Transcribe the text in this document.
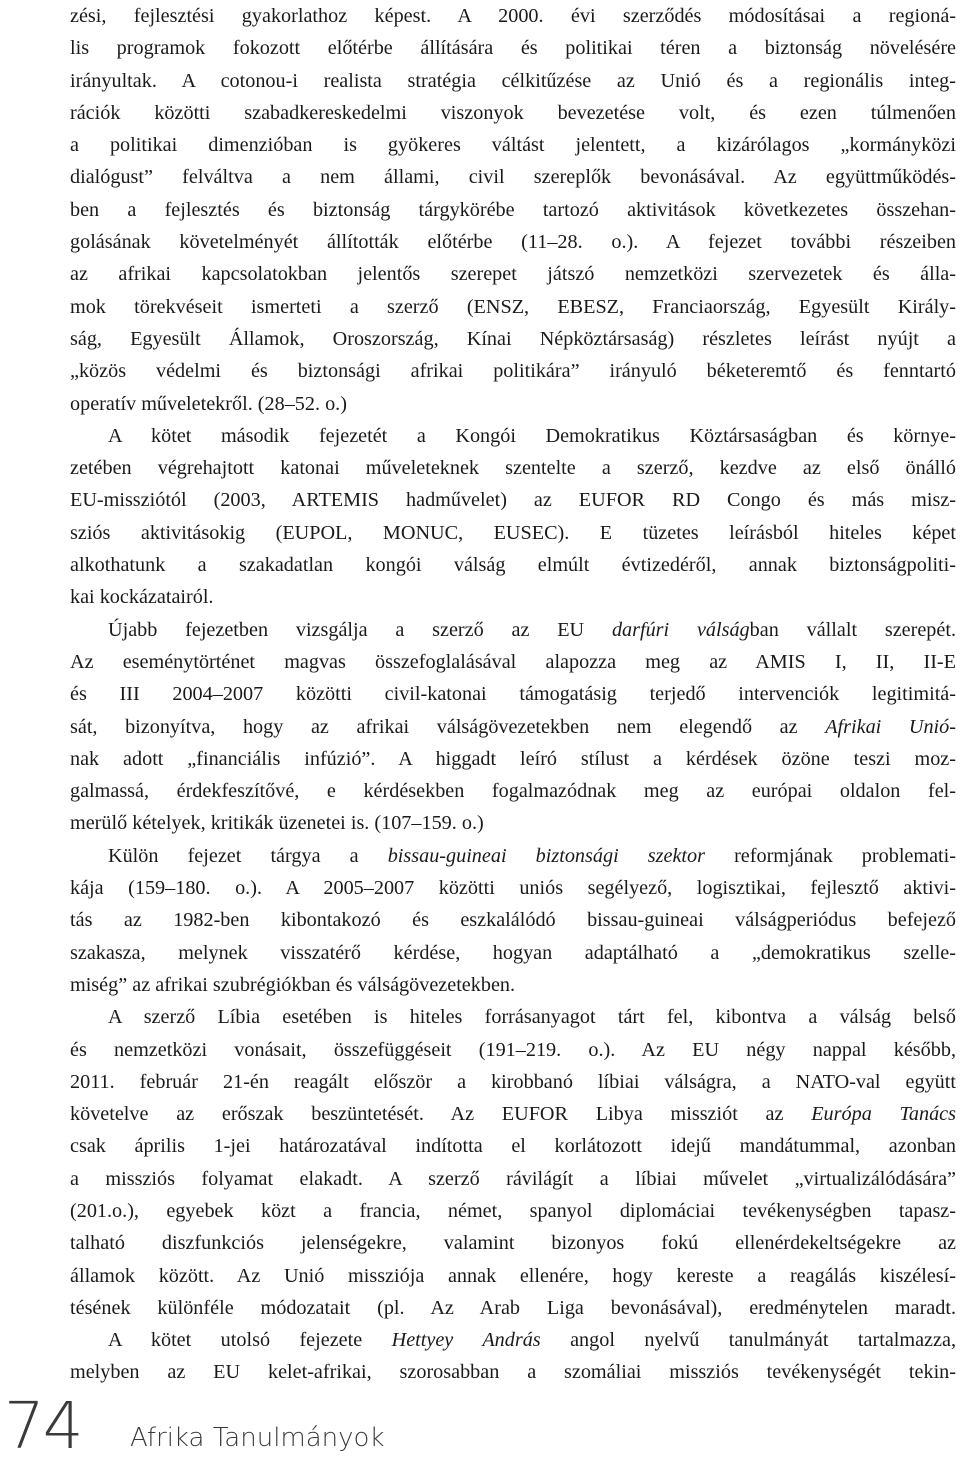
zési, fejlesztési gyakorlathoz képest. A 2000. évi szerződés módosításai a regioná-
lis programok fokozott előtérbe állítására és politikai téren a biztonság növelésére
irányultak. A cotonou-i realista stratégia célkitűzése az Unió és a regionális integ-
rációk közötti szabadkereskedelmi viszonyok bevezetése volt, és ezen túlmenően
a politikai dimenzióban is gyökeres váltást jelentett, a kizárólagos „kormányközi
dialógust” felváltva a nem állami, civil szereplők bevonásával. Az együttműködés-
ben a fejlesztés és biztonság tárgykörébe tartozó aktivitások következetes összehan-
golásának követelményét állították előtérbe (11–28. o.). A fejezet további részeiben
az afrikai kapcsolatokban jelentős szerepet játszó nemzetközi szervezetek és álla-
mok törekvéseit ismerteti a szerző (ENSZ, EBESZ, Franciaország, Egyesült Király-
ság, Egyesült Államok, Oroszország, Kínai Népköztársaság) részletes leírást nyújt a
„közös védelmi és biztonsági afrikai politikára” irányuló béketeremtő és fenntartó
operatív műveletekről. (28–52. o.)
A kötet második fejezetét a Kongói Demokratikus Köztársaságban és környe-
zetében végrehajtott katonai műveleteknek szentelte a szerző, kezdve az első önálló
EU-missziótól (2003, ARTEMIS hadművelet) az EUFOR RD Congo és más misz-
sziós aktivitásokig (EUPOL, MONUC, EUSEC). E tüzetes leírásból hiteles képet
alkothatunk a szakadatlan kongói válság elmúlt évtizedéről, annak biztonságpoliti-
kai kockázatairól.
Újabb fejezetben vizsgálja a szerző az EU darfúri válságban vállalt szerepét.
Az eseménytörténet magvas összefoglalásával alapozza meg az AMIS I, II, II-E
és III 2004–2007 közötti civil-katonai támogatásig terjedő intervenciók legitimitá-
sát, bizonyítva, hogy az afrikai válságövezetekben nem elegendő az Afrikai Unió-
nak adott „financiális infúzió”. A higgadt leíró stílust a kérdések özöne teszi moz-
galmassá, érdekfeszítővé, e kérdésekben fogalmazódnak meg az európai oldalon fel-
merülő kételyek, kritikák üzenetei is. (107–159. o.)
Külön fejezet tárgya a bissau-guineai biztonsági szektor reformjának problemati-
kája (159–180. o.). A 2005–2007 közötti uniós segélyező, logisztikai, fejlesztő aktivi-
tás az 1982-ben kibontakozó és eszkalálódó bissau-guineai válságperiódus befejező
szakasza, melynek visszatérő kérdése, hogyan adaptálható a „demokratikus szelle-
miség” az afrikai szubrégiókban és válságövezetekben.
A szerző Líbia esetében is hiteles forrásanyagot tárt fel, kibontva a válság belső
és nemzetközi vonásait, összefüggéseit (191–219. o.). Az EU négy nappal később,
2011. február 21-én reagált először a kirobbanó líbiai válságra, a NATO-val együtt
követelve az erőszak beszüntetését. Az EUFOR Libya missziót az Európa Tanács
csak április 1-jei határozatával indította el korlátozott idejű mandátummal, azonban
a missziós folyamat elakadt. A szerző rávilágít a líbiai művelet „virtualizálódására”
(201.o.), egyebek közt a francia, német, spanyol diplomáciai tevékenységben tapasz-
talható diszfunkciós jelenségekre, valamint bizonyos fokú ellenérdekeltségekre az
államok között. Az Unió missziója annak ellenére, hogy kereste a reagálás kiszélesí-
tésének különféle módozatait (pl. Az Arab Liga bevonásával), eredménytelen maradt.
A kötet utolsó fejezete Hettyey András angol nyelvű tanulmányát tartalmazza,
melyben az EU kelet-afrikai, szorosabban a szomáliai missziós tevékenységét tekin-
74 Afrika Tanulmányok
